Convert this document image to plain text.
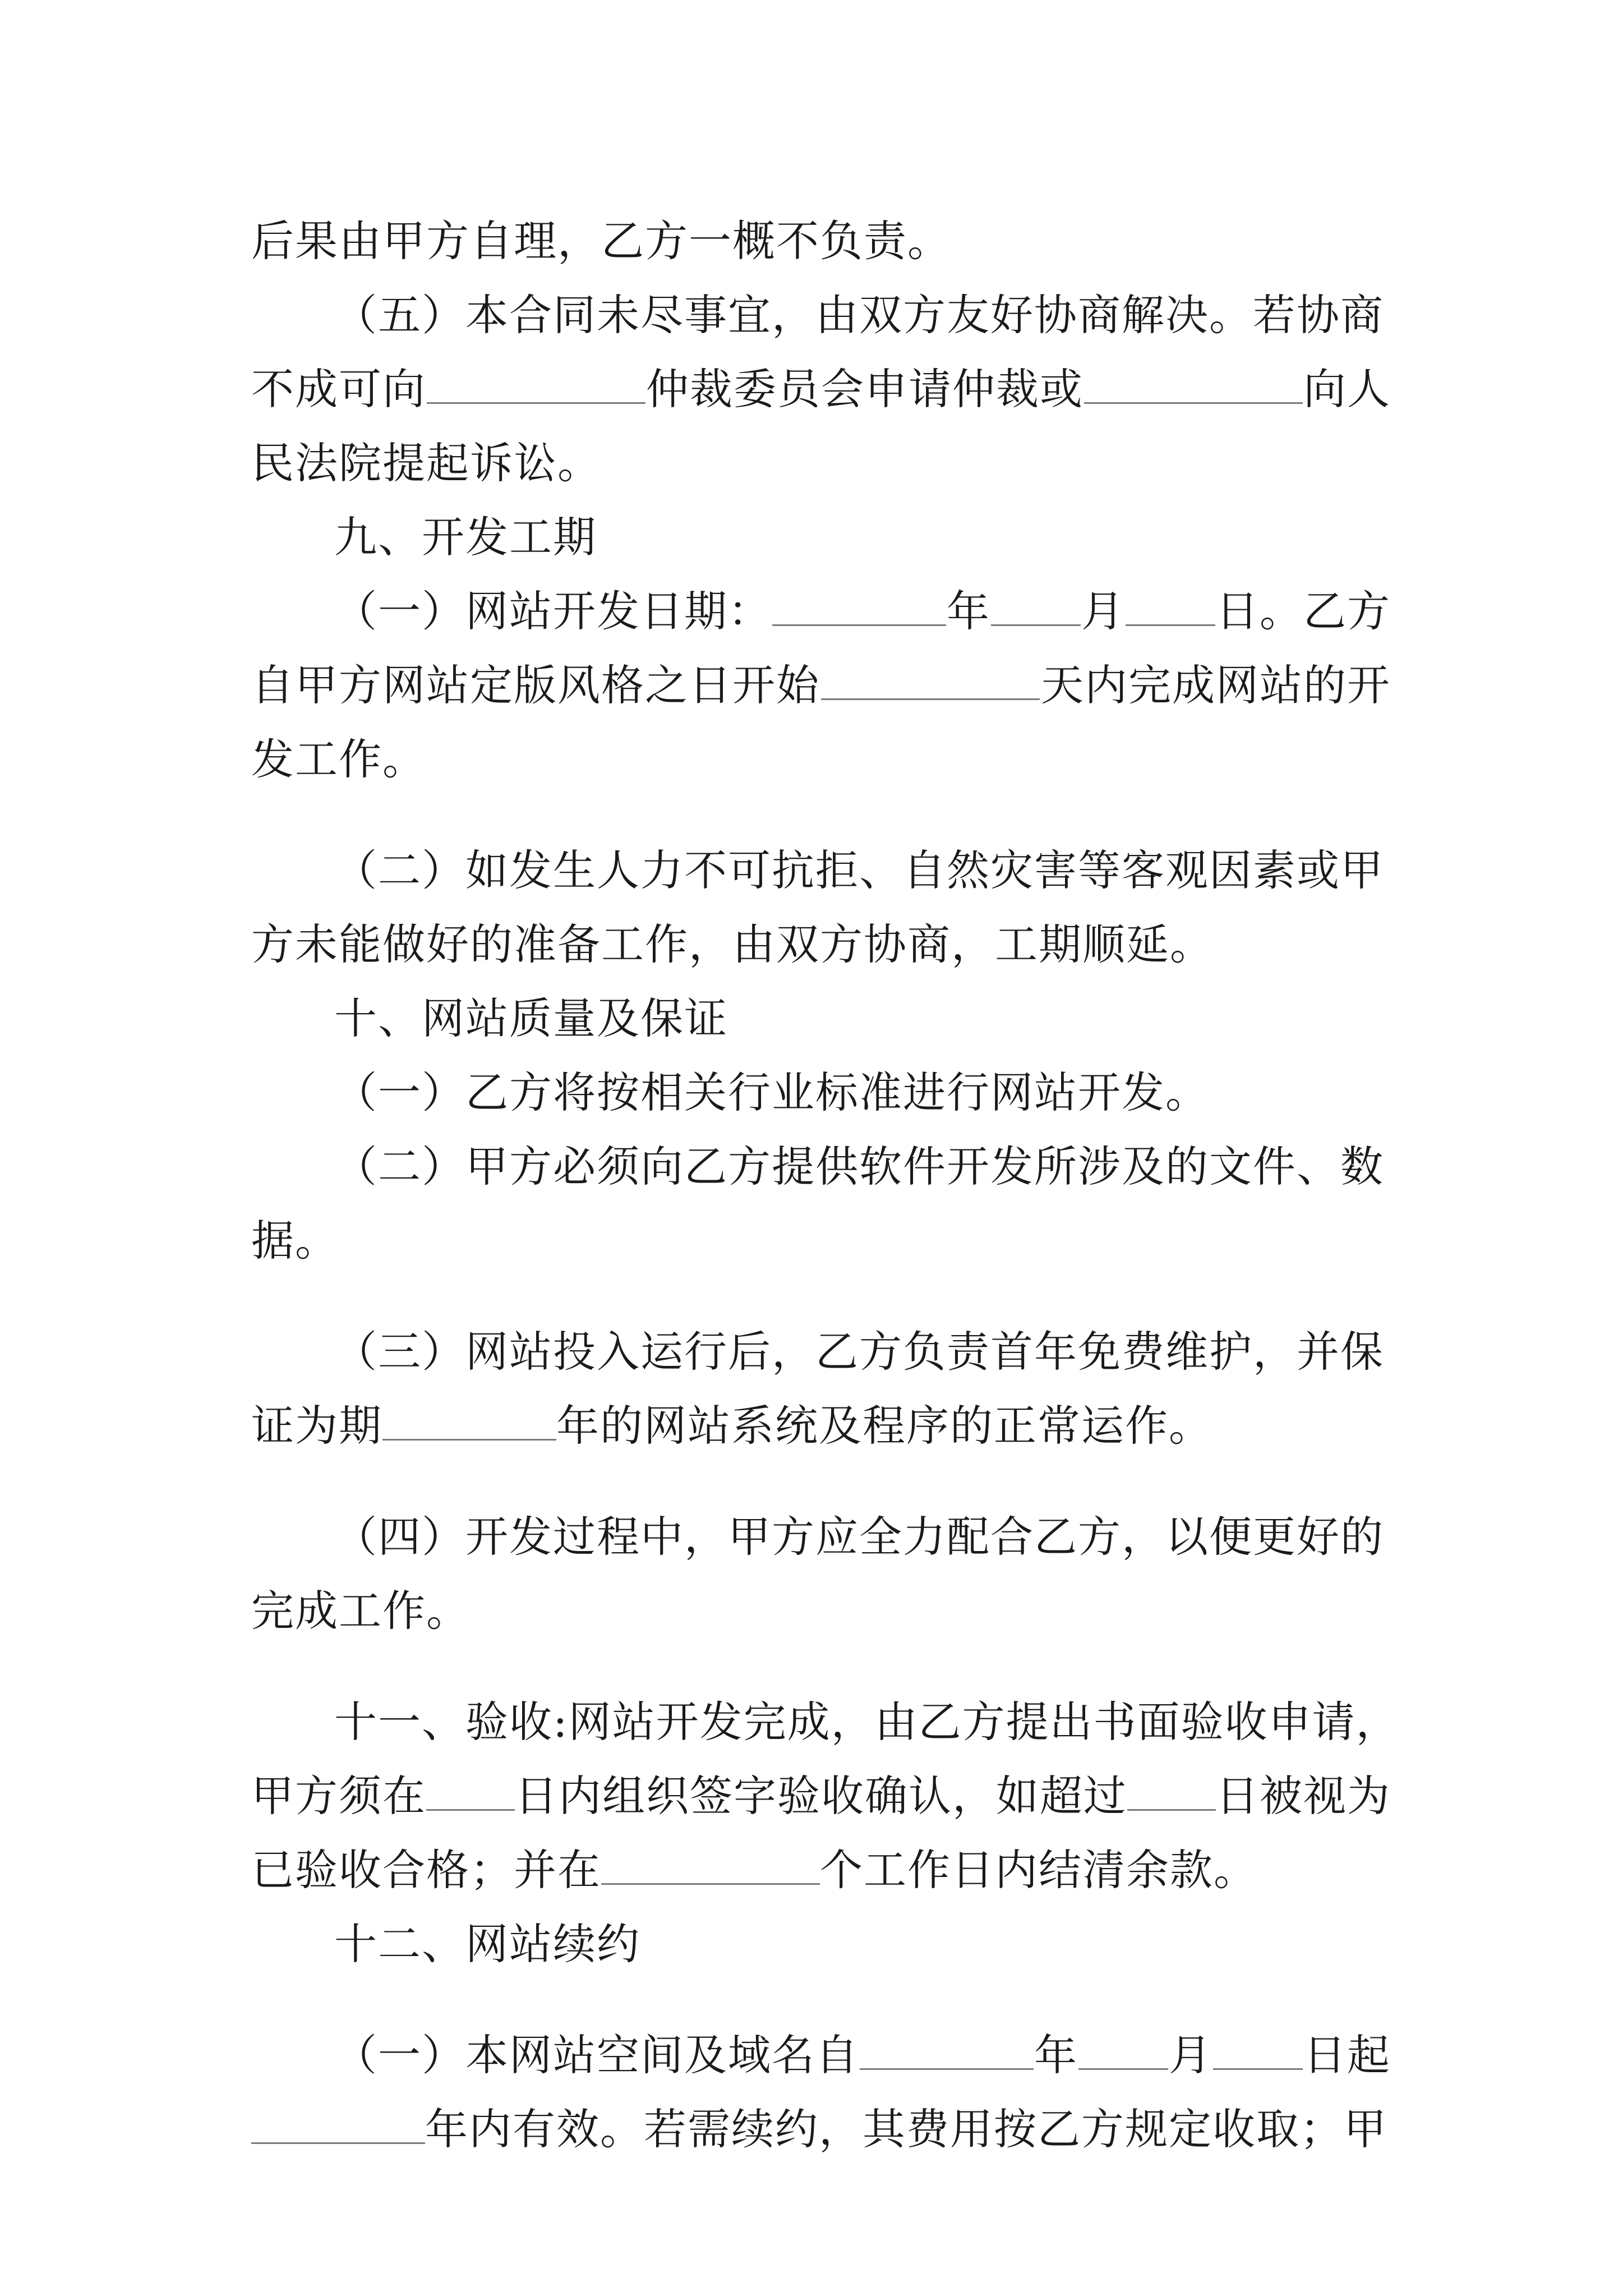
后果由甲方自理，乙方一概不负责。
（五）本合同未尽事宜，由双方友好协商解决。若协商
不成可向	仲裁委员会申请仲裁或	向人
民法院提起诉讼。
九、开发工期
（一）网站开发日期：	年 月 日。乙方
自甲方网站定版风格之日开始	天内完成网站的开
发工作。
（二）如发生人力不可抗拒、自然灾害等客观因素或甲
方未能做好的准备工作，由双方协商，工期顺延。
十、网站质量及保证
（一）乙方将按相关行业标准进行网站开发。
（二）甲方必须向乙方提供软件开发所涉及的文件、数
据。
（三）网站投入运行后，乙方负责首年免费维护，并保
证为期	年的网站系统及程序的正常运作。
（四）开发过程中，甲方应全力配合乙方，以便更好的
完成工作。
十一、验收:网站开发完成，由乙方提出书面验收申请，
甲方须在 日内组织签字验收确认，如超过 日被视为
已验收合格；并在	个工作日内结清余款。
十二、网站续约
（一）本网站空间及域名自	年 月 日起
年内有效。若需续约，其费用按乙方规定收取；甲
